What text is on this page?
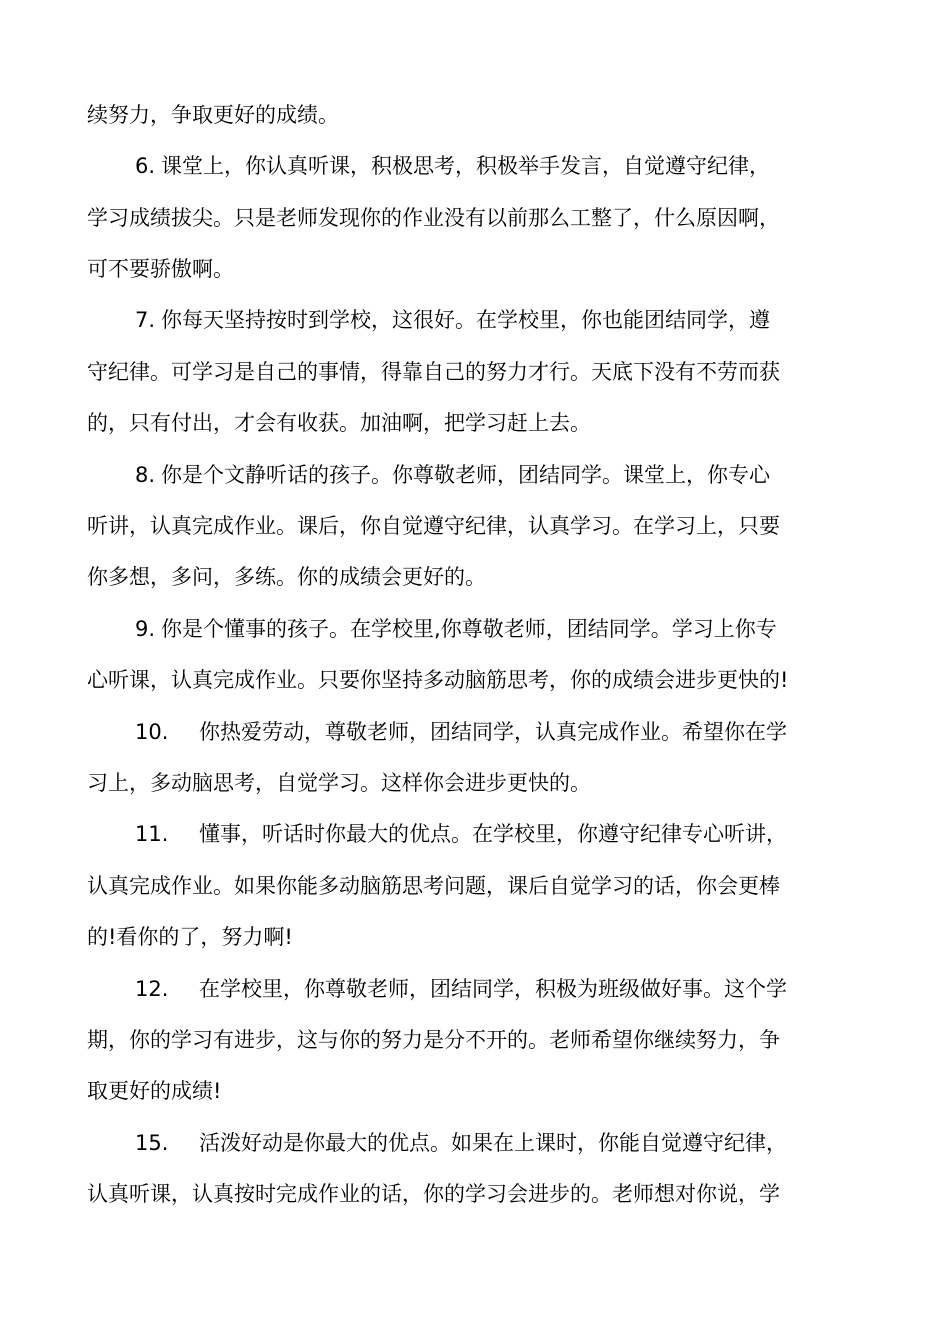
续努力，争取更好的成绩。
6. 课堂上，你认真听课，积极思考，积极举手发言，自觉遵守纪律，
学习成绩拔尖。只是老师发现你的作业没有以前那么工整了，什么原因啊，
可不要骄傲啊。
7. 你每天坚持按时到学校，这很好。在学校里，你也能团结同学，遵
守纪律。可学习是自己的事情，得靠自己的努力才行。天底下没有不劳而获
的，只有付出，才会有收获。加油啊，把学习赶上去。
8. 你是个文静听话的孩子。你尊敬老师，团结同学。课堂上，你专心
听讲，认真完成作业。课后，你自觉遵守纪律，认真学习。在学习上，只要
你多想，多问，多练。你的成绩会更好的。
9. 你是个懂事的孩子。在学校里,你尊敬老师，团结同学。学习上你专
心听课，认真完成作业。只要你坚持多动脑筋思考，你的成绩会进步更快的!
10. 你热爱劳动，尊敬老师，团结同学，认真完成作业。希望你在学
习上，多动脑思考，自觉学习。这样你会进步更快的。
11. 懂事，听话时你最大的优点。在学校里，你遵守纪律专心听讲，
认真完成作业。如果你能多动脑筋思考问题，课后自觉学习的话，你会更棒
的!看你的了，努力啊!
12. 在学校里，你尊敬老师，团结同学，积极为班级做好事。这个学
期，你的学习有进步，这与你的努力是分不开的。老师希望你继续努力，争
取更好的成绩!
15. 活泼好动是你最大的优点。如果在上课时，你能自觉遵守纪律，
认真听课，认真按时完成作业的话，你的学习会进步的。老师想对你说，学
